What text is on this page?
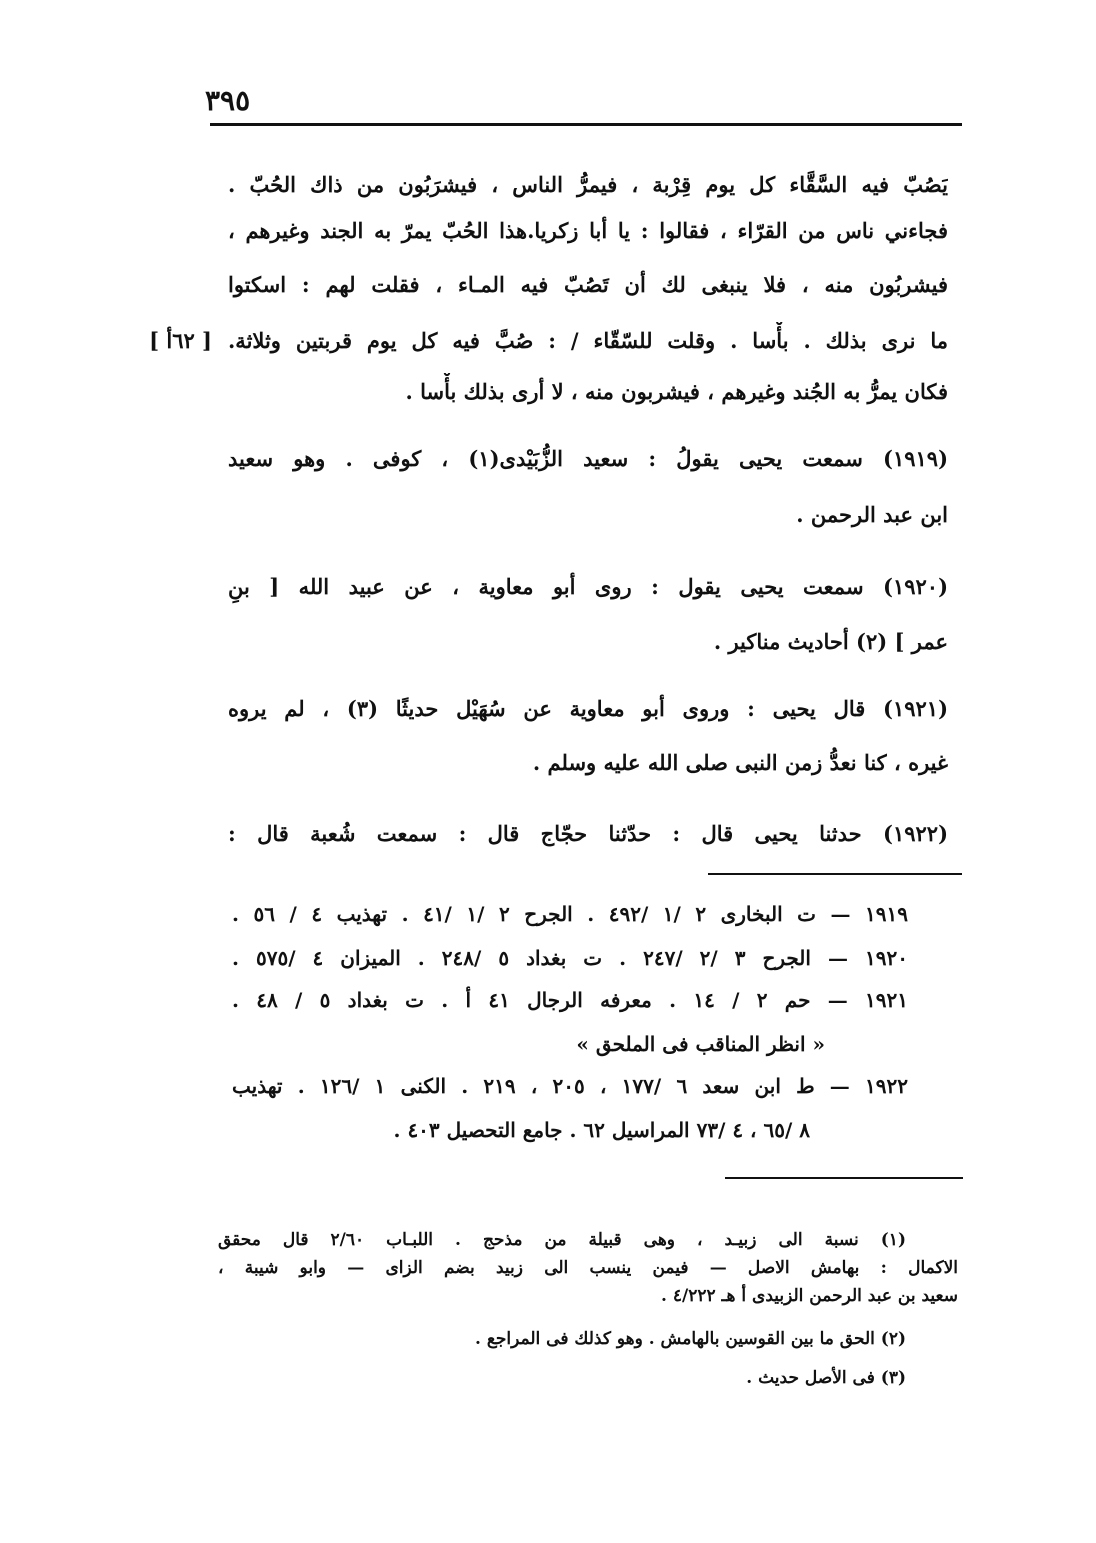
٣٩٥
يَصُبّ فيه السَّقَّاء كل يوم قِرْبة ، فيمرُّ الناس ، فيشرَبُون من ذاك الحُبّ .
فجاءني ناس من القرّاء ، فقالوا : يا أبا زكريا.هذا الحُبّ يمرّ به الجند وغيرهم ،
فيشربُون منه ، فلا ينبغى لك أن تَصُبّ فيه المـاء ، فقلت لهم : اسكتوا
ما نرى بذلك . بأْسا . وقلت للسّقّاء / : صُبَّ فيه كل يوم قربتين وثلاثة.
[ ٦٢أ ]
فكان يمرُّ به الجُند وغيرهم ، فيشربون منه ، لا أرى بذلك بأْسا .
(١٩١٩) سمعت يحيى يقولُ : سعيد الزُّبَيْدى(١) ، كوفى . وهو سعيد
ابن عبد الرحمن .
(١٩٢٠) سمعت يحيى يقول : روى أبو معاوية ، عن عبيد الله [ بنِ
عمر ] (٢) أحاديث مناكير .
(١٩٢١) قال يحيى : وروى أبو معاوية عن سُهَيْل حديثًا (٣) ، لم يروه
غيره ، كنا نعدُّ زمن النبى صلى الله عليه وسلم .
(١٩٢٢) حدثنا يحيى قال : حدّثنا حجّاج قال : سمعت شُعبة قال :
١٩١٩ — ت البخارى ٢ /١ /٤٩٢ . الجرح ٢ /١ /٤١ . تهذيب ٤ / ٥٦ .
١٩٢٠ — الجرح ٣ /٢ /٢٤٧ . ت بغداد ٥ /٢٤٨ . الميزان ٤ /٥٧٥ .
١٩٢١ — حم ٢ / ١٤ . معرفه الرجال ٤١ أ . ت بغداد ٥ / ٤٨ .
« انظر المناقب فى الملحق »
١٩٢٢ — ط ابن سعد ٦ /١٧٧ ، ٢٠٥ ، ٢١٩ . الكنى ١ /١٢٦ . تهذيب
٨ /٦٥ ، ٤ /٧٣ المراسيل ٦٢ . جامع التحصيل ٤٠٣ .
(١) نسبة الى زبيـد ، وهى قبيلة من مذحج . اللبـاب ٢/٦٠ قال محقق
الاكمال : بهامش الاصل — فيمن ينسب الى زبيد بضم الزاى — وابو شيبة ،
سعيد بن عبد الرحمن الزبيدى أ هـ ٤/٢٢٢ .
(٢) الحق ما بين القوسين بالهامش . وهو كذلك فى المراجع .
(٣) فى الأصل حديث .
